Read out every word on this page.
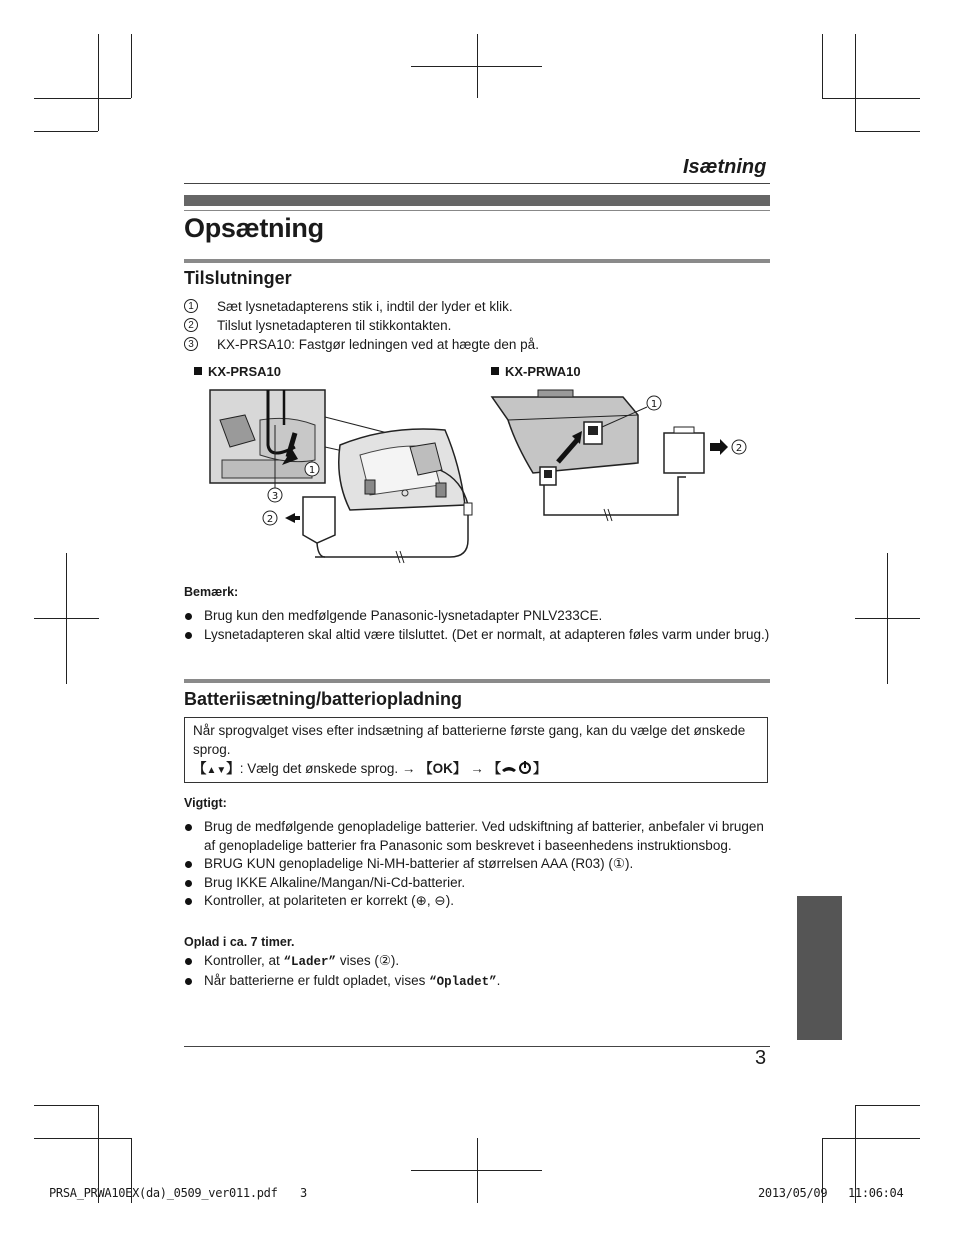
Isætning
Opsætning
Tilslutninger
1	Sæt lysnetadapterens stik i, indtil der lyder et klik.
2	Tilslut lysnetadapteren til stikkontakten.
3	KX-PRSA10: Fastgør ledningen ved at hægte den på.
KX-PRSA10	KX-PRWA10
1
3
2
2
1
Bemærk:
Brug kun den medfølgende Panasonic-lysnetadapter PNLV233CE.
Lysnetadapteren skal altid være tilsluttet. (Det er normalt, at adapteren føles varm under brug.)
Batteriisætning/batteriopladning
Når sprogvalget vises efter indsætning af batterierne første gang, kan du vælge det ønskede sprog.
【▲▼】: Vælg det ønskede sprog. → 【OK】 → 【 】
Vigtigt:
Brug de medfølgende genopladelige batterier. Ved udskiftning af batterier, anbefaler vi brugen af genopladelige batterier fra Panasonic som beskrevet i baseenhedens instruktionsbog.
BRUG KUN genopladelige Ni-MH-batterier af størrelsen AAA (R03) (①).
Brug IKKE Alkaline/Mangan/Ni-Cd-batterier.
Kontroller, at polariteten er korrekt (⊕, ⊖).
Oplad i ca. 7 timer.
Kontroller, at “Lader” vises (②).
Når batterierne er fuldt opladet, vises “Opladet”.
3
PRSA_PRWA10EX(da)_0509_ver011.pdf 3	2013/05/09 11:06:04
